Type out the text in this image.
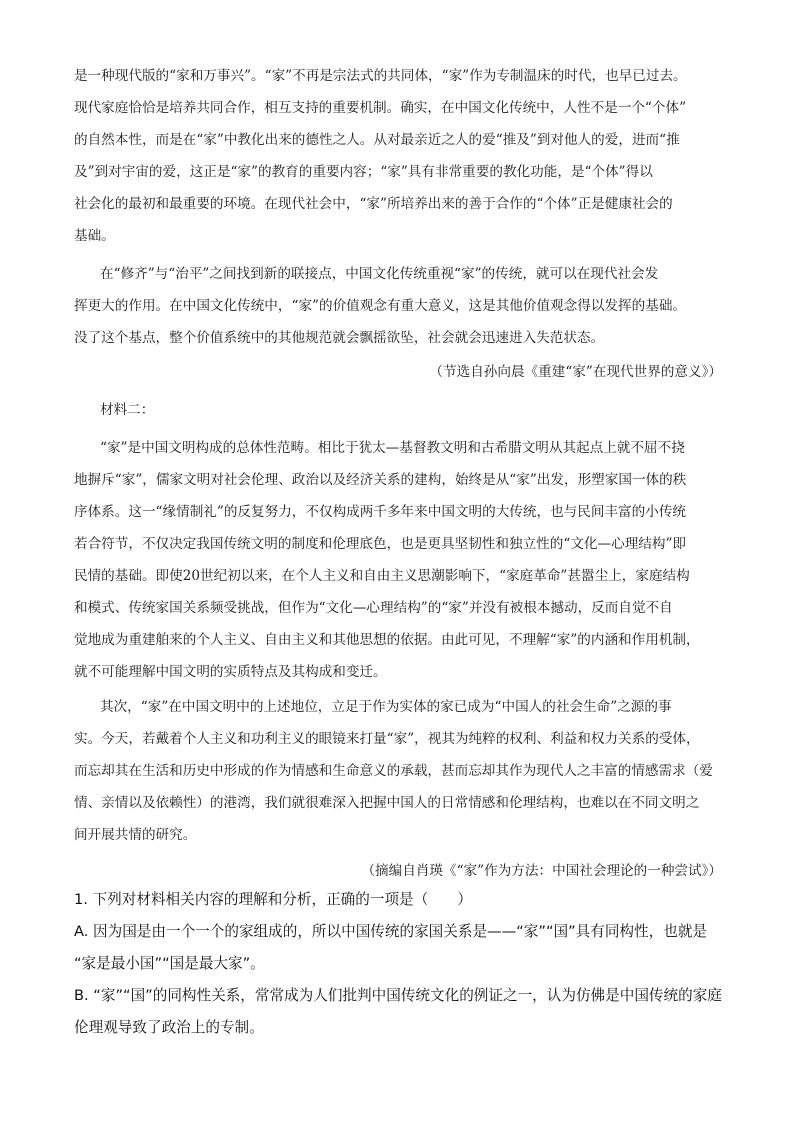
是一种现代版的“家和万事兴”。“家”不再是宗法式的共同体，“家”作为专制温床的时代，也早已过去。
现代家庭恰恰是培养共同合作，相互支持的重要机制。确实，在中国文化传统中，人性不是一个“个体”
的自然本性，而是在“家”中教化出来的德性之人。从对最亲近之人的爱“推及”到对他人的爱，进而“推
及”到对宇宙的爱，这正是“家”的教育的重要内容；“家”具有非常重要的教化功能，是“个体”得以
社会化的最初和最重要的环境。在现代社会中，“家”所培养出来的善于合作的“个体”正是健康社会的
基础。
在“修齐”与“治平”之间找到新的联接点，中国文化传统重视“家”的传统，就可以在现代社会发
挥更大的作用。在中国文化传统中，“家”的价值观念有重大意义，这是其他价值观念得以发挥的基础。
没了这个基点，整个价值系统中的其他规范就会飘摇欲坠，社会就会迅速进入失范状态。
（节选自孙向晨《重建“家”在现代世界的意义》）
材料二：
“家”是中国文明构成的总体性范畴。相比于犹太—基督教文明和古希腊文明从其起点上就不屈不挠
地摒斥“家”，儒家文明对社会伦理、政治以及经济关系的建构，始终是从“家”出发，形塑家国一体的秩
序体系。这一“缘情制礼”的反复努力，不仅构成两千多年来中国文明的大传统，也与民间丰富的小传统
若合符节，不仅决定我国传统文明的制度和伦理底色，也是更具坚韧性和独立性的“文化—心理结构”即
民情的基础。即使20世纪初以来，在个人主义和自由主义思潮影响下，“家庭革命”甚嚣尘上，家庭结构
和模式、传统家国关系频受挑战，但作为“文化—心理结构”的“家”并没有被根本撼动，反而自觉不自
觉地成为重建舶来的个人主义、自由主义和其他思想的依据。由此可见，不理解“家”的内涵和作用机制，
就不可能理解中国文明的实质特点及其构成和变迁。
其次，“家”在中国文明中的上述地位，立足于作为实体的家已成为“中国人的社会生命”之源的事
实。今天，若戴着个人主义和功利主义的眼镜来打量“家”，视其为纯粹的权利、利益和权力关系的受体，
而忘却其在生活和历史中形成的作为情感和生命意义的承载，甚而忘却其作为现代人之丰富的情感需求（爱
情、亲情以及依赖性）的港湾，我们就很难深入把握中国人的日常情感和伦理结构，也难以在不同文明之
间开展共情的研究。
（摘编自肖瑛《“家”作为方法：中国社会理论的一种尝试》）
1. 下列对材料相关内容的理解和分析，正确的一项是（　　）
A. 因为国是由一个一个的家组成的，所以中国传统的家国关系是——“家”“国”具有同构性，也就是
“家是最小国”“国是最大家”。
B. “家”“国”的同构性关系，常常成为人们批判中国传统文化的例证之一，认为仿佛是中国传统的家庭
伦理观导致了政治上的专制。
